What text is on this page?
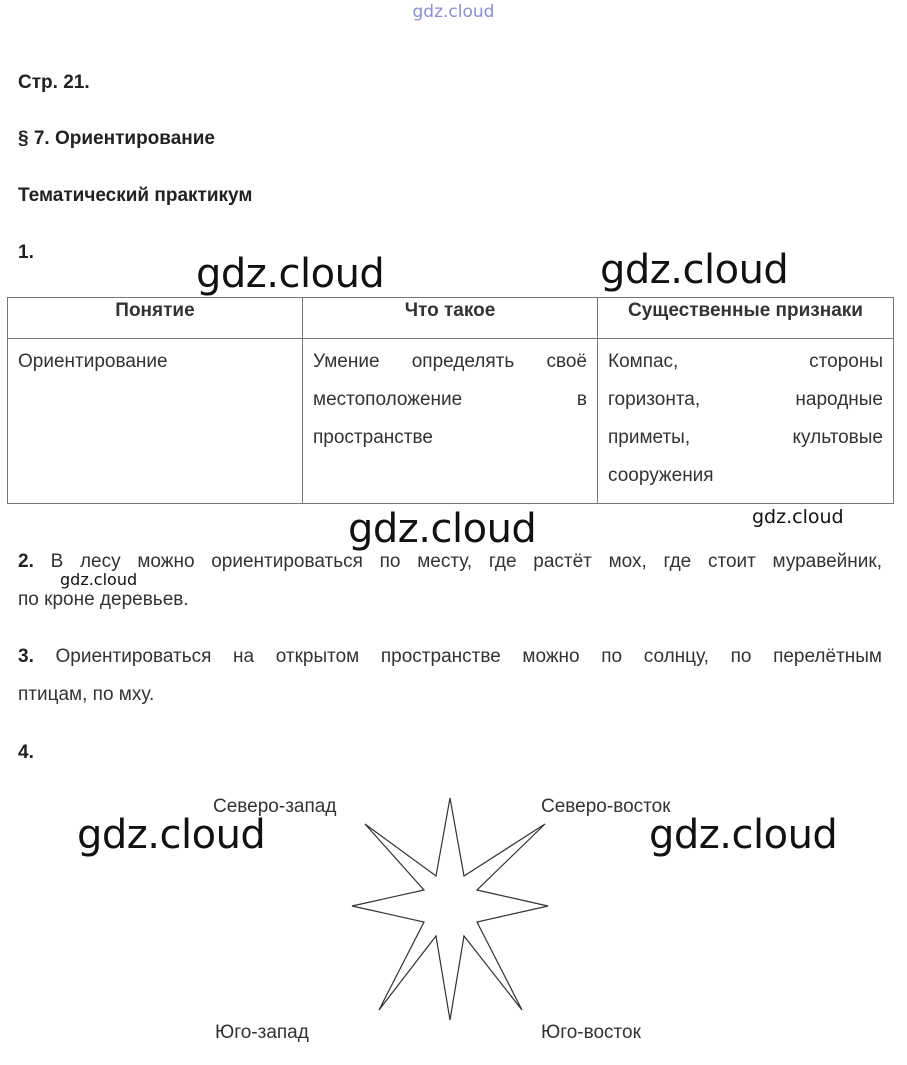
gdz.cloud
Стр. 21.
§ 7. Ориентирование
Тематический практикум
1.	gdz.cloud	gdz.cloud
Понятие	Что такое	Существенные признаки

Ориентирование	Умение определять своё
местоположение в
пространстве	Компас, стороны
горизонта, народные
приметы, культовые
сооружения
gdz.cloud	gdz.cloud
2. В лесу можно ориентироваться по месту, где растёт мох, где стоит муравейник,
по кроне деревьев.
gdz.cloud
3. Ориентироваться на открытом пространстве можно по солнцу, по перелётным
птицам, по мху.
4.
Северо-запад	Северо-восток
Юго-запад	Юго-восток
gdz.cloud	gdz.cloud
